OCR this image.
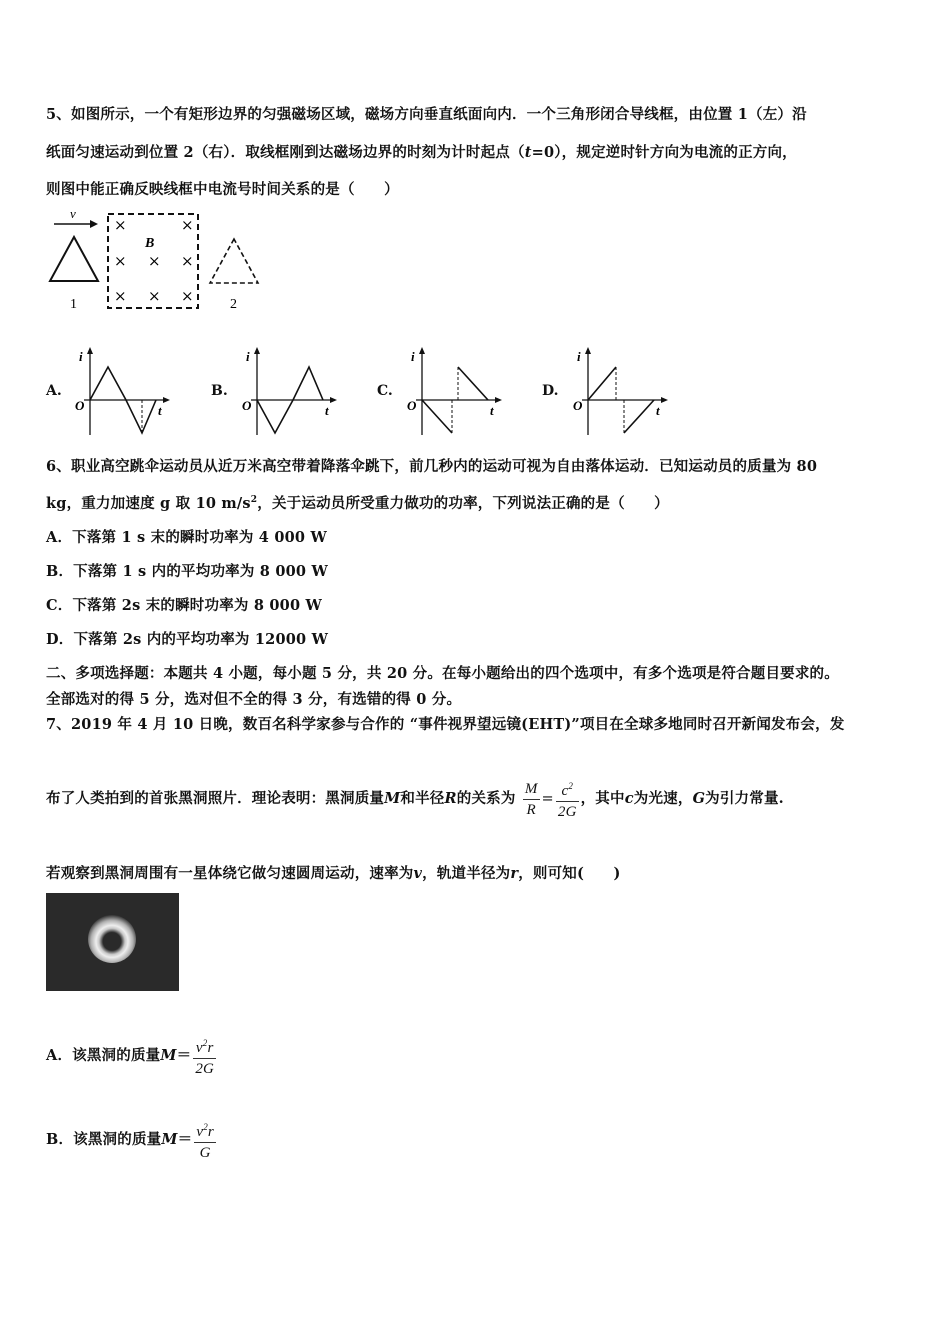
5、如图所示，一个有矩形边界的匀强磁场区域，磁场方向垂直纸面向内．一个三角形闭合导线框，由位置 1（左）沿
纸面匀速运动到位置 2（右）．取线框刚到达磁场边界的时刻为计时起点（t=0），规定逆时针方向为电流的正方向，
则图中能正确反映线框中电流号时间关系的是（　　）
v
1
×	×
B
× × ×
× × ×	2
A.
i
O	t
B.
i
O	t
C.
i
O	t
D.
i
O	t
6、职业高空跳伞运动员从近万米高空带着降落伞跳下，前几秒内的运动可视为自由落体运动．已知运动员的质量为 80
kg，重力加速度 g 取 10 $m/s^2$，关于运动员所受重力做功的功率，下列说法正确的是（　　）
A．下落第 1 s 末的瞬时功率为 4 000 W
B．下落第 1 s 内的平均功率为 8 000 W
C．下落第 2s 末的瞬时功率为 8 000 W
D．下落第 2s 内的平均功率为 12000 W
二、多项选择题：本题共 4 小题，每小题 5 分，共 20 分。在每小题给出的四个选项中，有多个选项是符合题目要求的。
全部选对的得 5 分，选对但不全的得 3 分，有选错的得 0 分。
7、2019 年 4 月 10 日晚，数百名科学家参与合作的 “事件视界望远镜(EHT)”项目在全球多地同时召开新闻发布会，发
布了人类拍到的首张黑洞照片．理论表明：黑洞质量M和半径R的关系为 $\frac{M}{R} = \frac{c^2}{2G}$ ，其中c为光速，G为引力常量.
若观察到黑洞周围有一星体绕它做匀速圆周运动，速率为v，轨道半径为r，则可知(　　)
A．该黑洞的质量$M= \frac{v^2r}{2G}$
B．该黑洞的质量$M= \frac{v^2r}{G}$
